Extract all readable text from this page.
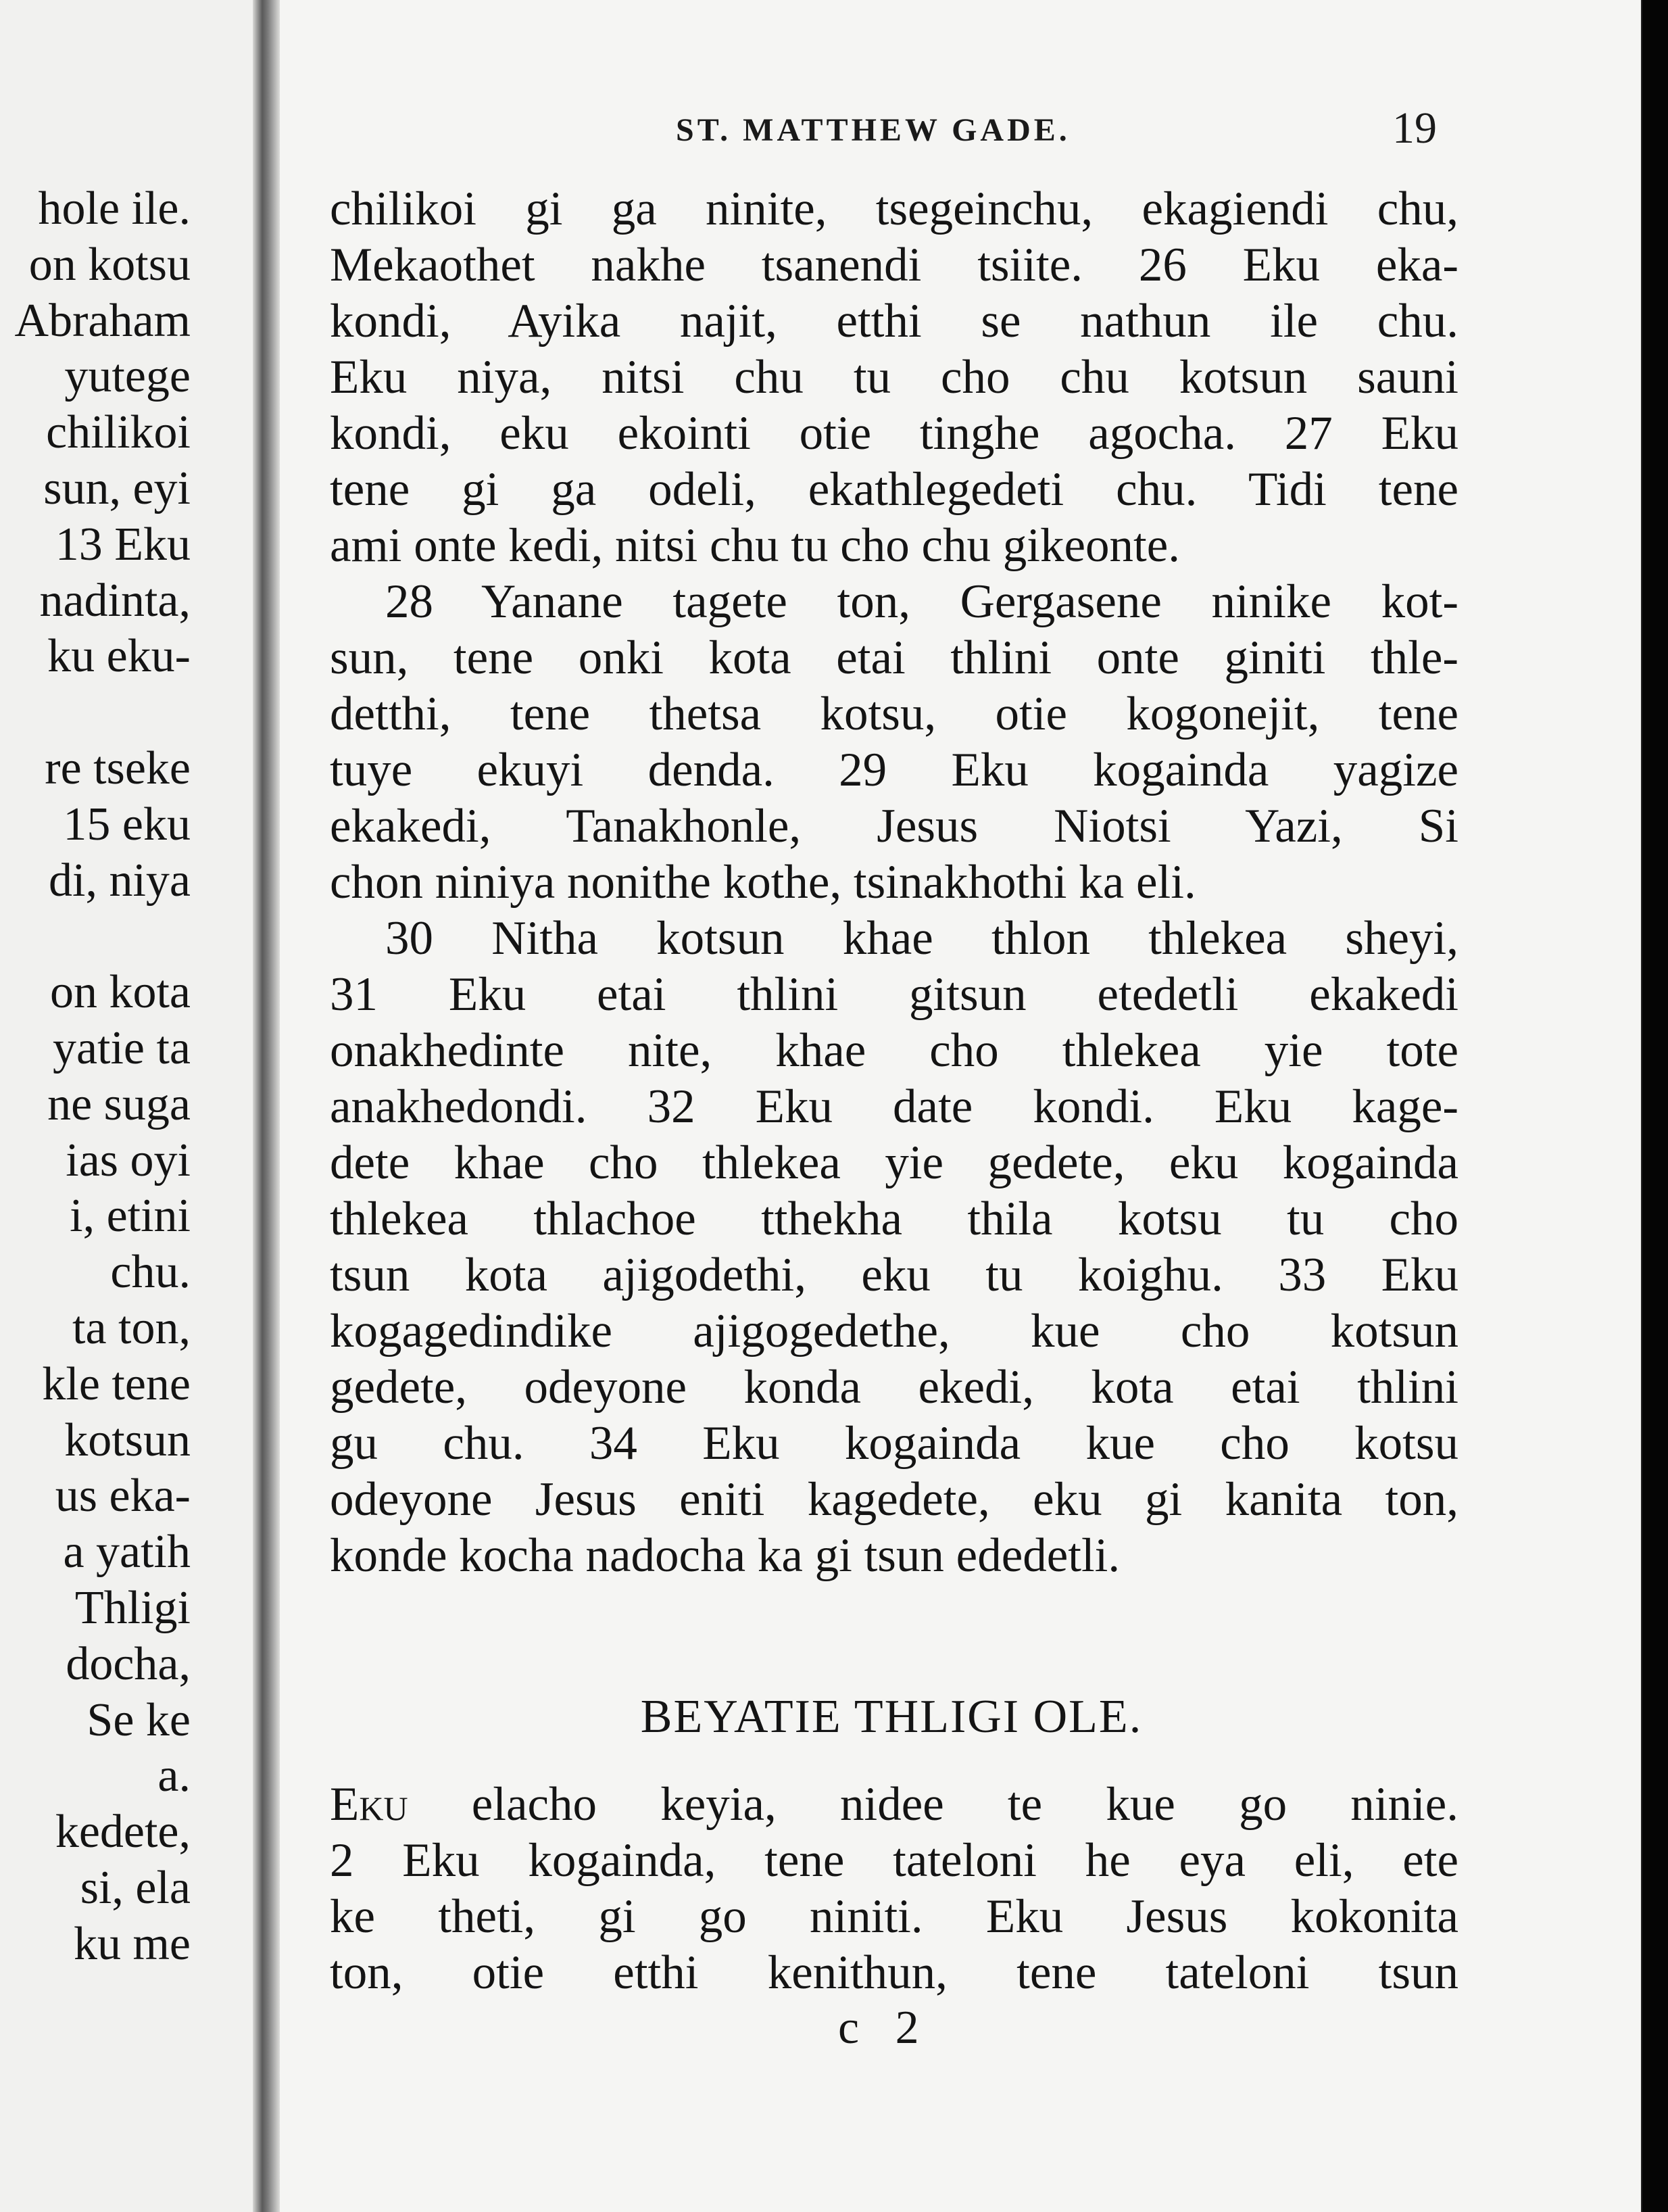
hole ile.
on kotsu
Abraham
yutege
chilikoi
sun, eyi
13 Eku
nadinta,
ku eku-
re tseke
15 eku
di, niya
on kota
yatie ta
ne suga
ias oyi
i, etini
chu.
ta ton,
kle tene
kotsun
us eka-
a yatih
Thligi
docha,
Se ke
a.
kedete,
si, ela
ku me
ST. MATTHEW GADE.	19
chilikoi gi ga ninite, tsegeinchu, ekagiendi chu,
Mekaothet nakhe tsanendi tsiite. 26 Eku eka-
kondi, Ayika najit, etthi se nathun ile chu.
Eku niya, nitsi chu tu cho chu kotsun sauni
kondi, eku ekointi otie tinghe agocha. 27 Eku
tene gi ga odeli, ekathlegedeti chu. Tidi tene
ami onte kedi, nitsi chu tu cho chu gikeonte.
28 Yanane tagete ton, Gergasene ninike kot-
sun, tene onki kota etai thlini onte giniti thle-
detthi, tene thetsa kotsu, otie kogonejit, tene
tuye ekuyi denda. 29 Eku kogainda yagize
ekakedi, Tanakhonle, Jesus Niotsi Yazi, Si
chon niniya nonithe kothe, tsinakhothi ka eli.
30 Nitha kotsun khae thlon thlekea sheyi,
31 Eku etai thlini gitsun etedetli ekakedi
onakhedinte nite, khae cho thlekea yie tote
anakhedondi. 32 Eku date kondi. Eku kage-
dete khae cho thlekea yie gedete, eku kogainda
thlekea thlachoe tthekha thila kotsu tu cho
tsun kota ajigodethi, eku tu koighu. 33 Eku
kogagedindike ajigogedethe, kue cho kotsun
gedete, odeyone konda ekedi, kota etai thlini
gu chu. 34 Eku kogainda kue cho kotsu
odeyone Jesus eniti kagedete, eku gi kanita ton,
konde kocha nadocha ka gi tsun ededetli.
BEYATIE THLIGI OLE.
Eku elacho keyia, nidee te kue go ninie.
2 Eku kogainda, tene tateloni he eya eli, ete
ke theti, gi go niniti. Eku Jesus kokonita
ton, otie etthi kenithun, tene tateloni tsun
c 2
